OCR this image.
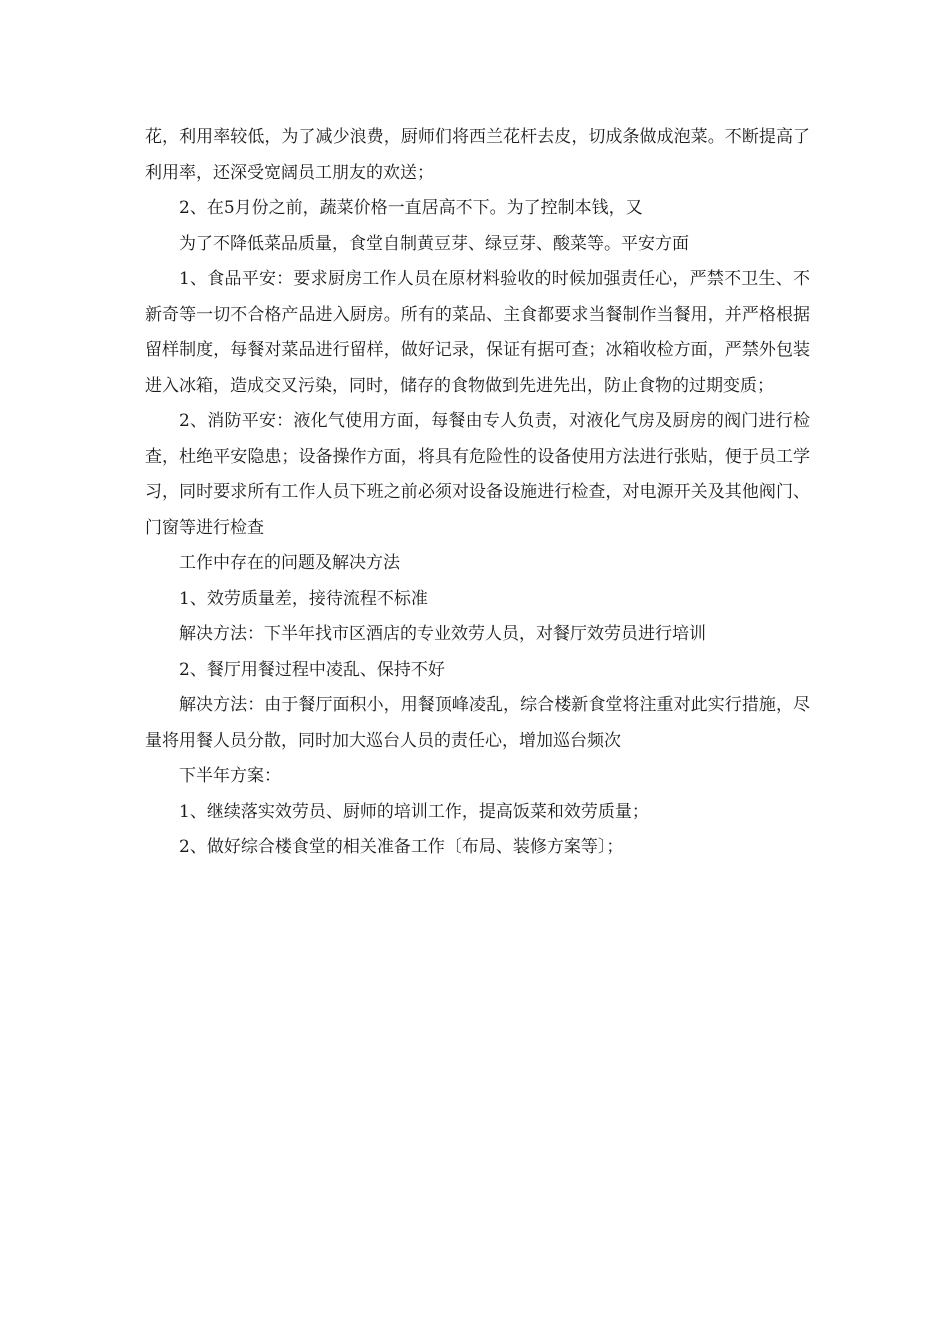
花，利用率较低，为了减少浪费，厨师们将西兰花杆去皮，切成条做成泡菜。不断提高了利用率，还深受宽阔员工朋友的欢送；

2、在5月份之前，蔬菜价格一直居高不下。为了控制本钱，又

为了不降低菜品质量，食堂自制黄豆芽、绿豆芽、酸菜等。平安方面

1、食品平安：要求厨房工作人员在原材料验收的时候加强责任心，严禁不卫生、不新奇等一切不合格产品进入厨房。所有的菜品、主食都要求当餐制作当餐用，并严格根据留样制度，每餐对菜品进行留样，做好记录，保证有据可查；冰箱收检方面，严禁外包装进入冰箱，造成交叉污染，同时，储存的食物做到先进先出，防止食物的过期变质；

2、消防平安：液化气使用方面，每餐由专人负责，对液化气房及厨房的阀门进行检查，杜绝平安隐患；设备操作方面，将具有危险性的设备使用方法进行张贴，便于员工学习，同时要求所有工作人员下班之前必须对设备设施进行检查，对电源开关及其他阀门、门窗等进行检查

工作中存在的问题及解决方法

1、效劳质量差，接待流程不标准

解决方法：下半年找市区酒店的专业效劳人员，对餐厅效劳员进行培训

2、餐厅用餐过程中凌乱、保持不好

解决方法：由于餐厅面积小，用餐顶峰凌乱，综合楼新食堂将注重对此实行措施，尽量将用餐人员分散，同时加大巡台人员的责任心，增加巡台频次

下半年方案：

1、继续落实效劳员、厨师的培训工作，提高饭菜和效劳质量；

2、做好综合楼食堂的相关准备工作〔布局、装修方案等〕；
